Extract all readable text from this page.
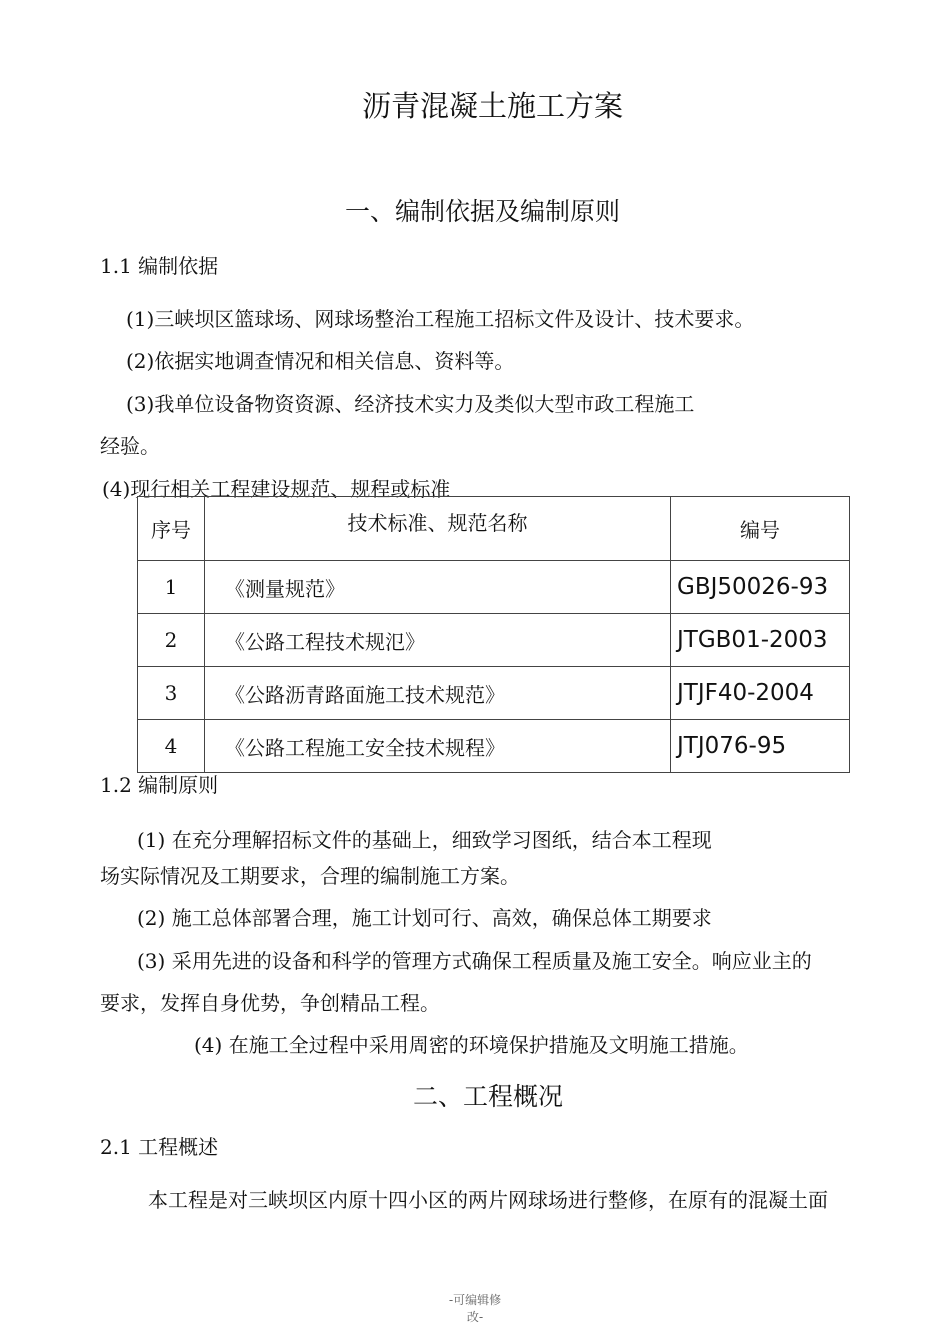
沥青混凝土施工方案
一、编制依据及编制原则
1.1 编制依据
(1)三峡坝区篮球场、网球场整治工程施工招标文件及设计、技术要求。
(2)依据实地调查情况和相关信息、资料等。
(3)我单位设备物资资源、经济技术实力及类似大型市政工程施工
经验。
(4)现行相关工程建设规范、规程或标准
序号	技术标准、规范名称	编号
1	《测量规范》	GBJ50026-93
2	《公路工程技术规氾》	JTGB01-2003
3	《公路沥青路面施工技术规范》	JTJF40-2004
4	《公路工程施工安全技术规程》	JTJ076-95
1.2 编制原则
(1) 在充分理解招标文件的基础上，细致学习图纸，结合本工程现
场实际情况及工期要求，合理的编制施工方案。
(2) 施工总体部署合理，施工计划可行、高效，确保总体工期要求
(3) 采用先进的设备和科学的管理方式确保工程质量及施工安全。响应业主的
要求，发挥自身优势，争创精品工程。
(4) 在施工全过程中采用周密的环境保护措施及文明施工措施。
二、工程概况
2.1 工程概述
本工程是对三峡坝区内原十四小区的两片网球场进行整修，在原有的混凝土面
-可编辑修
改-
